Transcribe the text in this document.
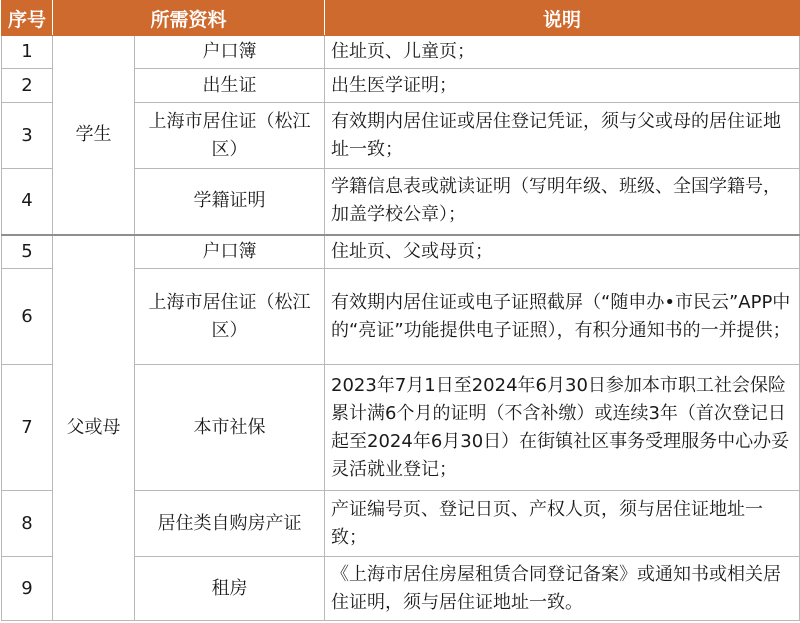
序号	所需资料		说明
1	学生	户口簿	住址页、儿童页；
2		出生证	出生医学证明；
3		上海市居住证（松江区）	有效期内居住证或居住登记凭证，须与父或母的居住证地址一致；
4		学籍证明	学籍信息表或就读证明（写明年级、班级、全国学籍号，加盖学校公章）；
5	父或母	户口簿	住址页、父或母页；
6		上海市居住证（松江区）	有效期内居住证或电子证照截屏（“随申办•市民云”APP中的“亮证”功能提供电子证照），有积分通知书的一并提供；
7		本市社保	2023年7月1日至2024年6月30日参加本市职工社会保险累计满6个月的证明（不含补缴）或连续3年（首次登记日起至2024年6月30日）在街镇社区事务受理服务中心办妥灵活就业登记；
8		居住类自购房产证	产证编号页、登记日页、产权人页，须与居住证地址一致；
9		租房	《上海市居住房屋租赁合同登记备案》或通知书或相关居住证明，须与居住证地址一致。
